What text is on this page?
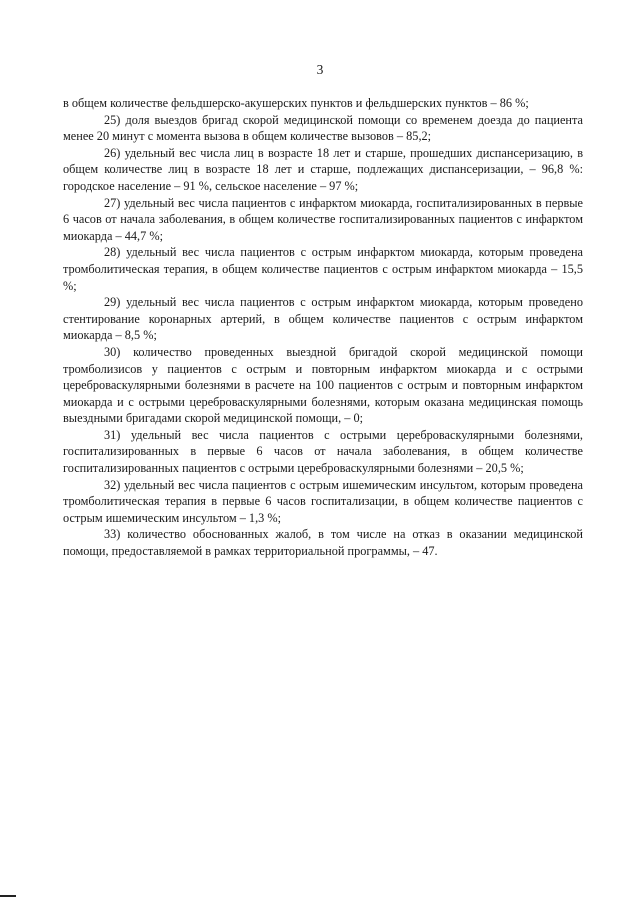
3

в общем количестве фельдшерско-акушерских пунктов и фельдшерских пунктов – 86 %;

25) доля выездов бригад скорой медицинской помощи со временем доезда до пациента менее 20 минут с момента вызова в общем количестве вызовов – 85,2;

26) удельный вес числа лиц в возрасте 18 лет и старше, прошедших диспансеризацию, в общем количестве лиц в возрасте 18 лет и старше, подлежащих диспансеризации, – 96,8 %: городское население – 91 %, сельское население – 97 %;

27) удельный вес числа пациентов с инфарктом миокарда, госпитализированных в первые 6 часов от начала заболевания, в общем количестве госпитализированных пациентов с инфарктом миокарда – 44,7 %;

28) удельный вес числа пациентов с острым инфарктом миокарда, которым проведена тромболитическая терапия, в общем количестве пациентов с острым инфарктом миокарда – 15,5 %;

29) удельный вес числа пациентов с острым инфарктом миокарда, которым проведено стентирование коронарных артерий, в общем количестве пациентов с острым инфарктом миокарда – 8,5 %;

30) количество проведенных выездной бригадой скорой медицинской помощи тромболизисов у пациентов с острым и повторным инфарктом миокарда и с острыми цереброваскулярными болезнями в расчете на 100 пациентов с острым и повторным инфарктом миокарда и с острыми цереброваскулярными болезнями, которым оказана медицинская помощь выездными бригадами скорой медицинской помощи, – 0;

31) удельный вес числа пациентов с острыми цереброваскулярными болезнями, госпитализированных в первые 6 часов от начала заболевания, в общем количестве госпитализированных пациентов с острыми цереброваскулярными болезнями – 20,5 %;

32) удельный вес числа пациентов с острым ишемическим инсультом, которым проведена тромболитическая терапия в первые 6 часов госпитализации, в общем количестве пациентов с острым ишемическим инсультом – 1,3 %;

33) количество обоснованных жалоб, в том числе на отказ в оказании медицинской помощи, предоставляемой в рамках территориальной программы, – 47.
